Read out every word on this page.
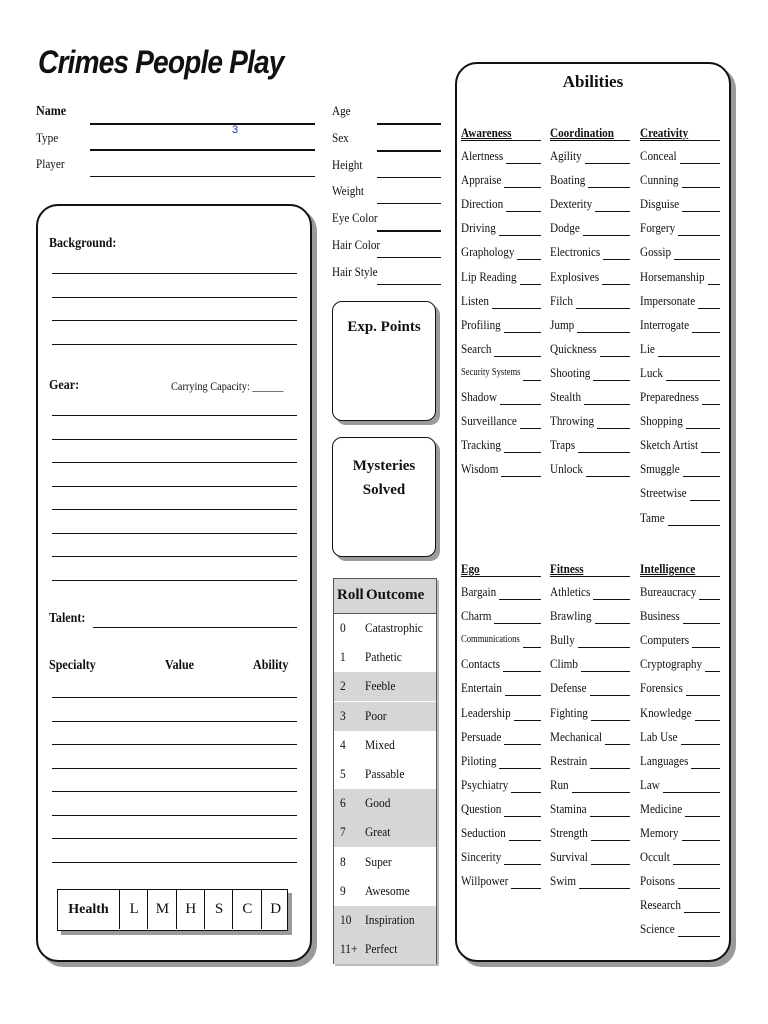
Crimes People Play
Name
Type	3
Player
Age
Sex
Height
Weight
Eye Color
Hair Color
Hair Style
Background:
Gear:	Carrying Capacity: ______
Talent:
Specialty	Value	Ability
Health	L	M	H	S	C	D
Exp. Points
Mysteries
Solved
Roll Outcome
0 Catastrophic
1 Pathetic
2 Feeble
3 Poor
4 Mixed
5 Passable
6 Good
7 Great
8 Super
9 Awesome
10 Inspiration
11+ Perfect
Abilities
Awareness
Alertness
Appraise
Direction
Driving
Graphology
Lip Reading
Listen
Profiling
Search
Security Systems
Shadow
Surveillance
Tracking
Wisdom
Coordination
Agility
Boating
Dexterity
Dodge
Electronics
Explosives
Filch
Jump
Quickness
Shooting
Stealth
Throwing
Traps
Unlock
Creativity
Conceal
Cunning
Disguise
Forgery
Gossip
Horsemanship
Impersonate
Interrogate
Lie
Luck
Preparedness
Shopping
Sketch Artist
Smuggle
Streetwise
Tame
Ego
Bargain
Charm
Communications
Contacts
Entertain
Leadership
Persuade
Piloting
Psychiatry
Question
Seduction
Sincerity
Willpower
Fitness
Athletics
Brawling
Bully
Climb
Defense
Fighting
Mechanical
Restrain
Run
Stamina
Strength
Survival
Swim
Intelligence
Bureaucracy
Business
Computers
Cryptography
Forensics
Knowledge
Lab Use
Languages
Law
Medicine
Memory
Occult
Poisons
Research
Science
